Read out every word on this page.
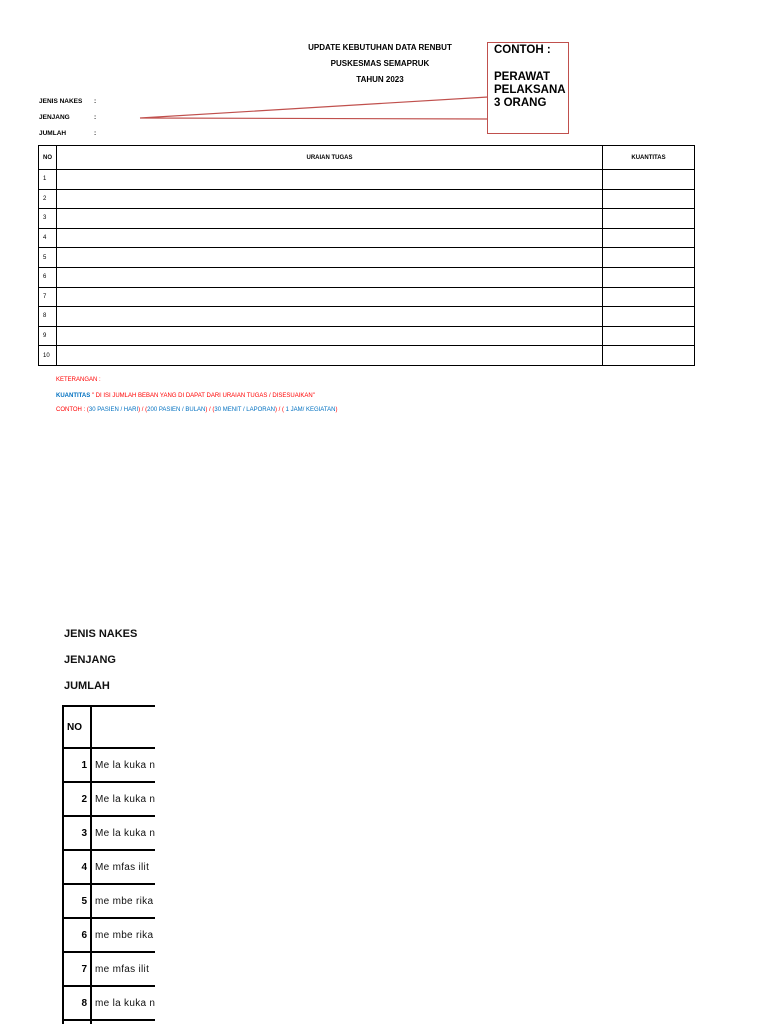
UPDATE KEBUTUHAN DATA RENBUT
PUSKESMAS SEMAPRUK
TAHUN 2023
JENIS NAKES :
JENJANG	:
JUMLAH	:
CONTOH :
PERAWAT
PELAKSANA
3 ORANG
NO	URAIAN TUGAS	KUANTITAS
1		
2		
3		
4		
5		
6		
7		
8		
9		
10		
KETERANGAN :
KUANTITAS " DI ISI JUMLAH BEBAN YANG DI DAPAT DARI URAIAN TUGAS / DISESUAIKAN"
CONTOH : (30 PASIEN / HARI) / (200 PASIEN / BULAN) / (30 MENIT / LAPORAN) / ( 1 JAM/ KEGIATAN)
JENIS NAKES
JENJANG
JUMLAH
NO	
1	Me la kuka n
2	Me la kuka n
3	Me la kuka n
4	Me mfas ilit
5	me mbe rika
6	me mbe rika
7	me mfas ilit
8	me la kuka n
